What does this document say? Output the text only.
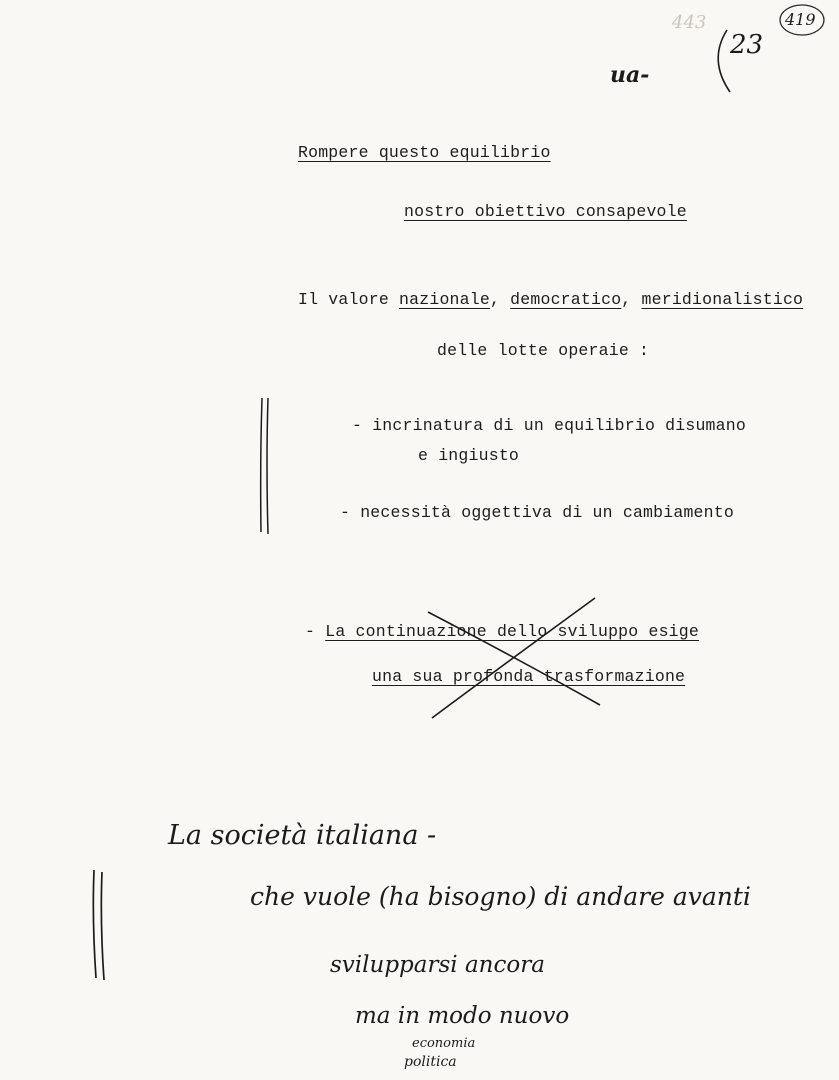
443
ua-
23
419
Rompere questo equilibrio
nostro obiettivo consapevole
Il valore nazionale, democratico, meridionalistico
delle lotte operaie :
- incrinatura di un equilibrio disumano
e ingiusto
- necessità oggettiva di un cambiamento
- La continuazione dello sviluppo esige
una sua profonda trasformazione
La società italiana -
che vuole (ha bisogno) di andare avanti
svilupparsi ancora
ma in modo nuovo
economia
politica
